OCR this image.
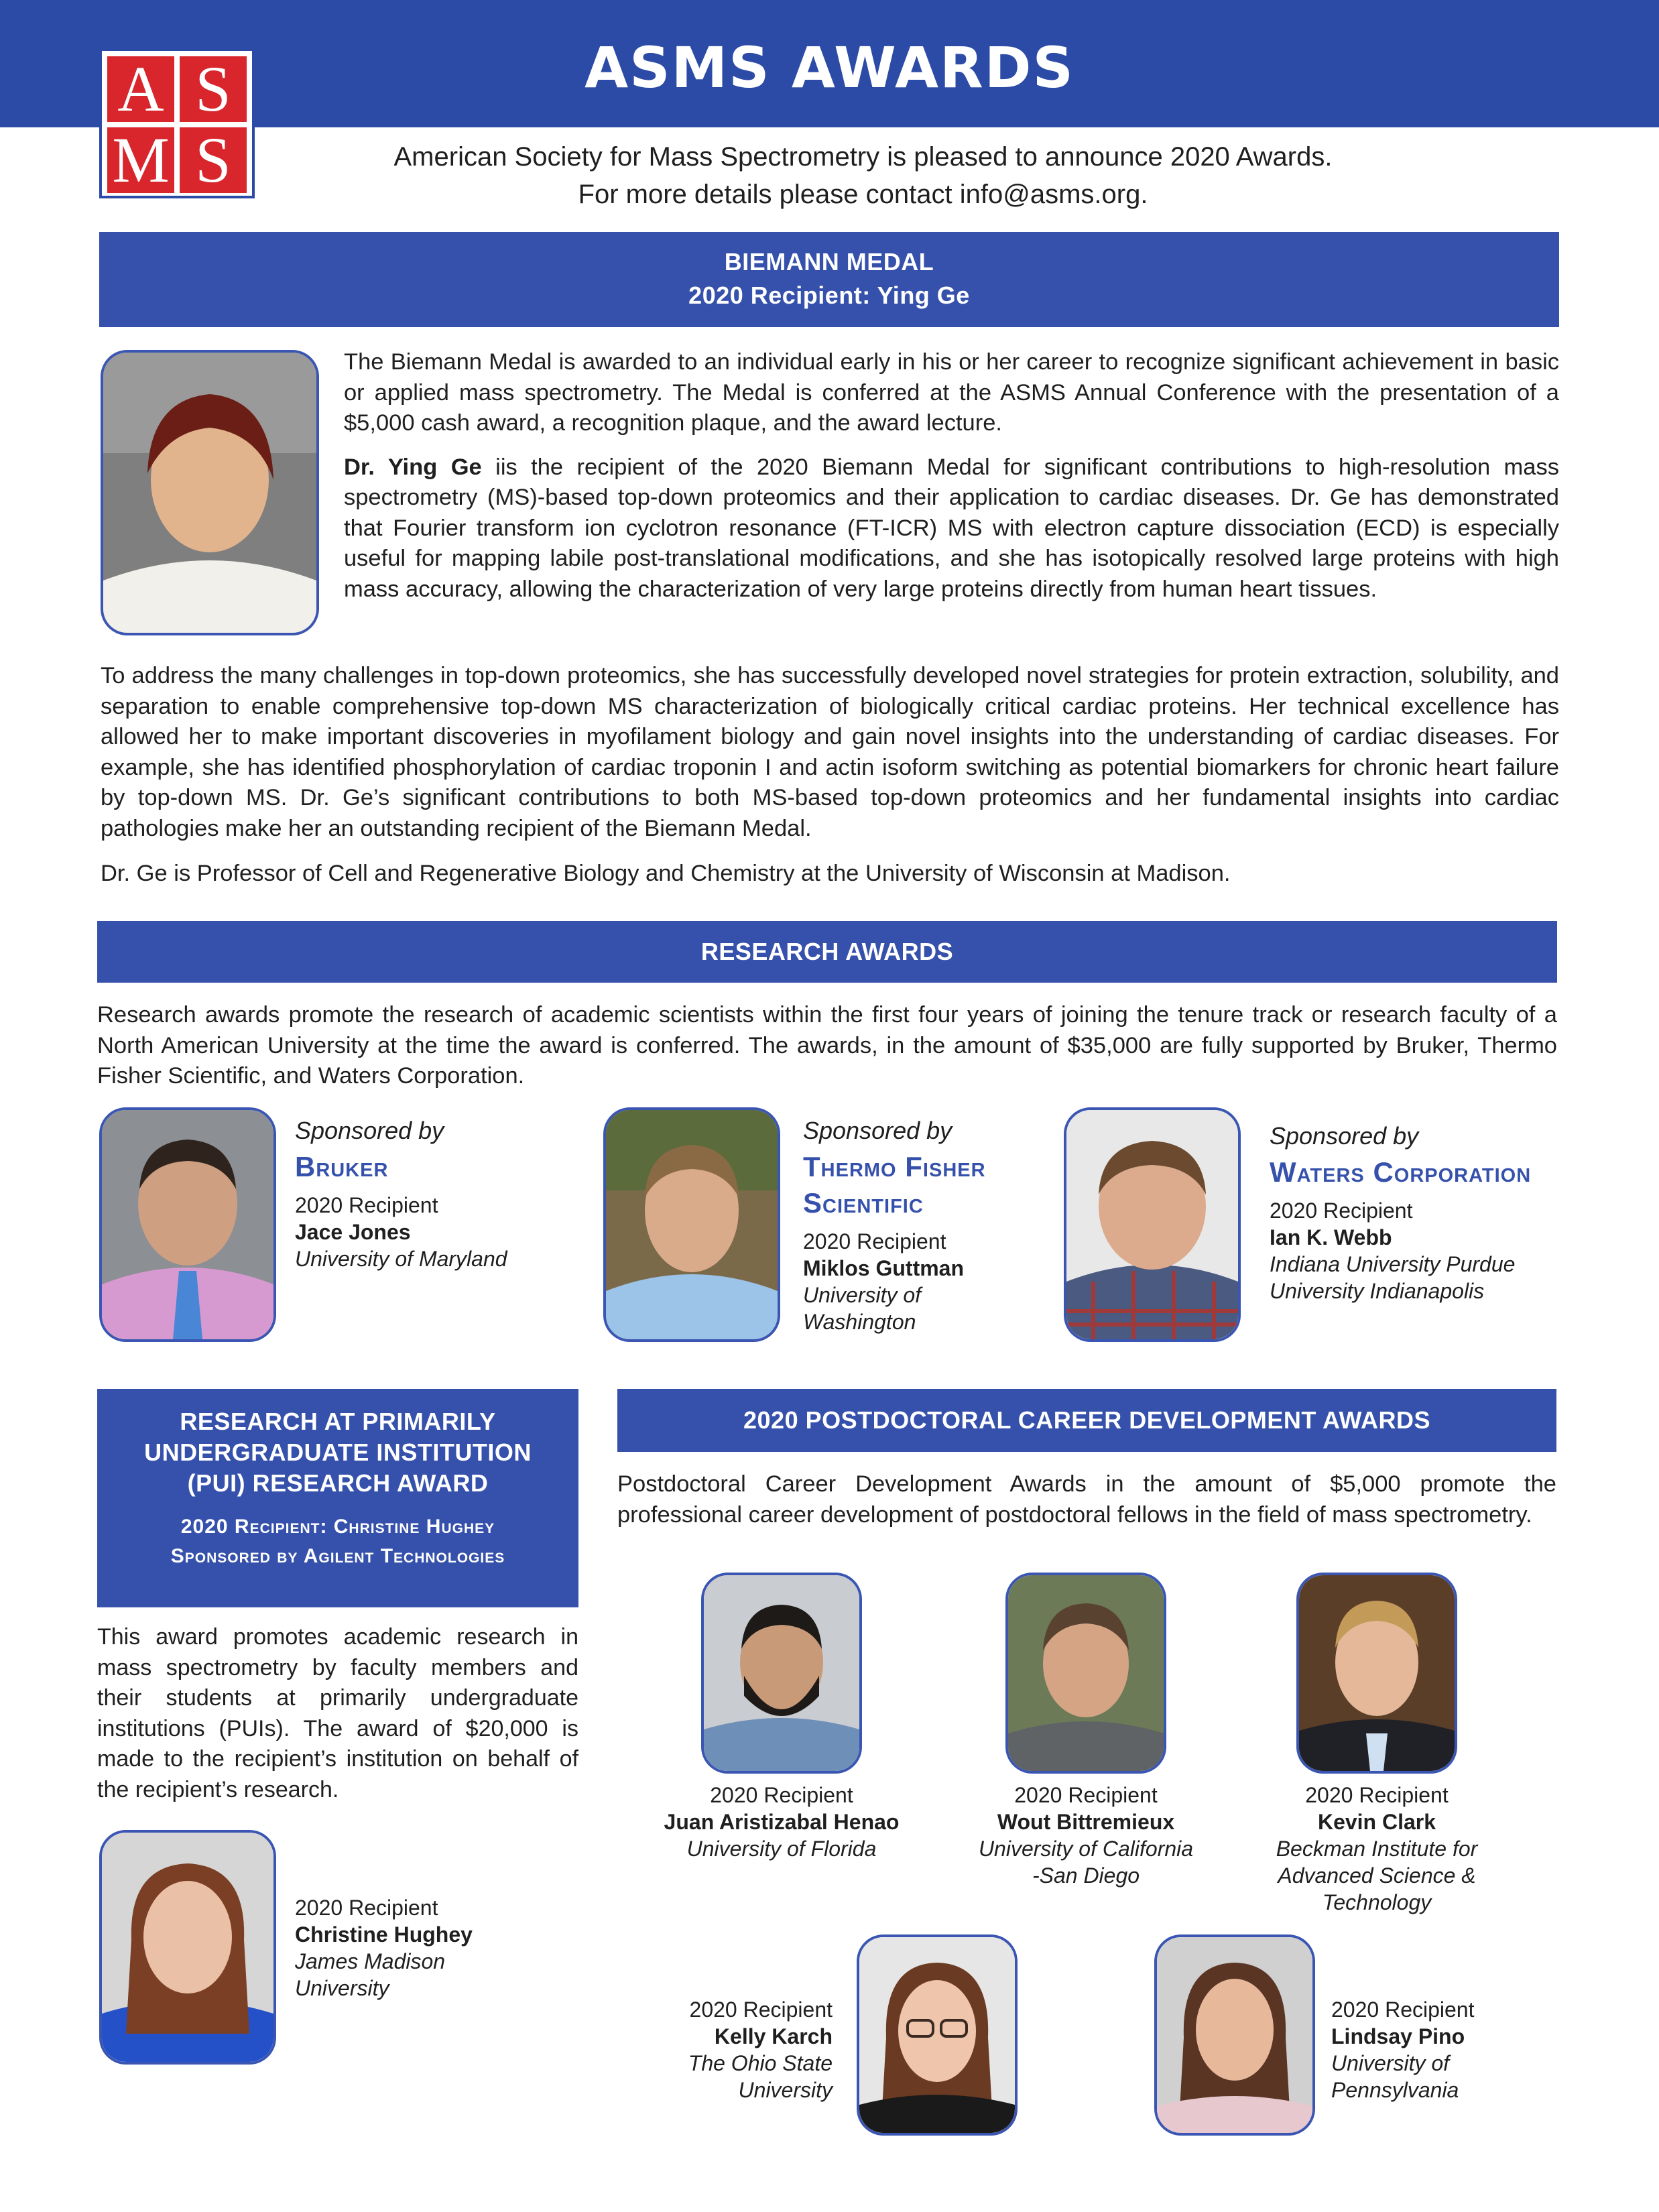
ASMS AWARDS
A S
M S	American Society for Mass Spectrometry is pleased to announce 2020 Awards.
For more details please contact info@asms.org.
BIEMANN MEDAL
2020 Recipient: Ying Ge

The Biemann Medal is awarded to an individual early in his or her career to recognize significant achievement in basic or applied mass spectrometry. The Medal is conferred at the ASMS Annual Conference with the presentation of a $5,000 cash award, a recognition plaque, and the award lecture.

Dr. Ying Ge iis the recipient of the 2020 Biemann Medal for significant contributions to high-resolution mass spectrometry (MS)-based top-down proteomics and their application to cardiac diseases. Dr. Ge has demonstrated that Fourier transform ion cyclotron resonance (FT-ICR) MS with electron capture dissociation (ECD) is especially useful for mapping labile post-translational modifications, and she has isotopically resolved large proteins with high mass accuracy, allowing the characterization of very large proteins directly from human heart tissues.

To address the many challenges in top-down proteomics, she has successfully developed novel strategies for protein extraction, solubility, and separation to enable comprehensive top-down MS characterization of biologically critical cardiac proteins. Her technical excellence has allowed her to make important discoveries in myofilament biology and gain novel insights into the understanding of cardiac diseases. For example, she has identified phosphorylation of cardiac troponin I and actin isoform switching as potential biomarkers for chronic heart failure by top-down MS. Dr. Ge’s significant contributions to both MS-based top-down proteomics and her fundamental insights into cardiac pathologies make her an outstanding recipient of the Biemann Medal.

Dr. Ge is Professor of Cell and Regenerative Biology and Chemistry at the University of Wisconsin at Madison.

RESEARCH AWARDS
Research awards promote the research of academic scientists within the first four years of joining the tenure track or research faculty of a North American University at the time the award is conferred. The awards, in the amount of $35,000 are fully supported by Bruker, Thermo Fisher Scientific, and Waters Corporation.
Sponsored by
Bruker
2020 Recipient
Jace Jones
University of Maryland
Sponsored by
Thermo Fisher
Scientific
2020 Recipient
Miklos Guttman
University of
Washington
Sponsored by
Waters Corporation
2020 Recipient
Ian K. Webb
Indiana University Purdue
University Indianapolis
RESEARCH AT PRIMARILY
UNDERGRADUATE INSTITUTION
(PUI) RESEARCH AWARD
2020 Recipient: Christine Hughey
Sponsored by Agilent Technologies
This award promotes academic research in mass spectrometry by faculty members and their students at primarily undergraduate institutions (PUIs). The award of $20,000 is made to the recipient’s institution on behalf of the recipient’s research.
2020 Recipient
Christine Hughey
James Madison
University
2020 POSTDOCTORAL CAREER DEVELOPMENT AWARDS
Postdoctoral Career Development Awards in the amount of $5,000 promote the professional career development of postdoctoral fellows in the field of mass spectrometry.
2020 Recipient
Juan Aristizabal Henao
University of Florida
2020 Recipient
Wout Bittremieux
University of California
-San Diego
2020 Recipient
Kevin Clark
Beckman Institute for
Advanced Science &
Technology
2020 Recipient
Kelly Karch
The Ohio State
University
2020 Recipient
Lindsay Pino
University of
Pennsylvania
